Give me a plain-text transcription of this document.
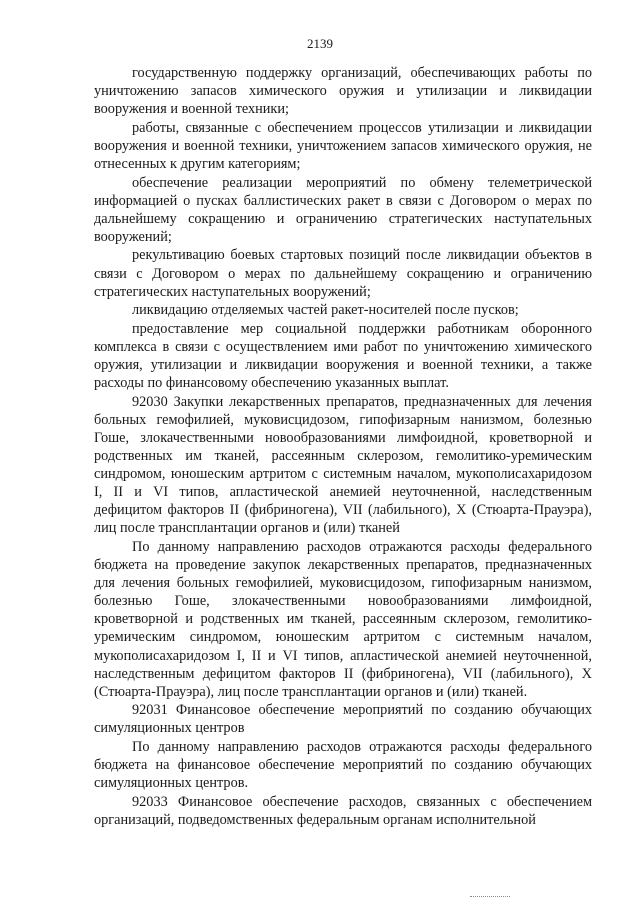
2139

государственную поддержку организаций, обеспечивающих работы по уничтожению запасов химического оружия и утилизации и ликвидации вооружения и военной техники;

работы, связанные с обеспечением процессов утилизации и ликвидации вооружения и военной техники, уничтожением запасов химического оружия, не отнесенных к другим категориям;

обеспечение реализации мероприятий по обмену телеметрической информацией о пусках баллистических ракет в связи с Договором о мерах по дальнейшему сокращению и ограничению стратегических наступательных вооружений;

рекультивацию боевых стартовых позиций после ликвидации объектов в связи с Договором о мерах по дальнейшему сокращению и ограничению стратегических наступательных вооружений;

ликвидацию отделяемых частей ракет-носителей после пусков;

предоставление мер социальной поддержки работникам оборонного комплекса в связи с осуществлением ими работ по уничтожению химического оружия, утилизации и ликвидации вооружения и военной техники, а также расходы по финансовому обеспечению указанных выплат.

92030 Закупки лекарственных препаратов, предназначенных для лечения больных гемофилией, муковисцидозом, гипофизарным нанизмом, болезнью Гоше, злокачественными новообразованиями лимфоидной, кроветворной и родственных им тканей, рассеянным склерозом, гемолитико-уремическим синдромом, юношеским артритом с системным началом, мукополисахаридозом I, II и VI типов, апластической анемией неуточненной, наследственным дефицитом факторов II (фибриногена), VII (лабильного), X (Стюарта-Прауэра), лиц после трансплантации органов и (или) тканей

По данному направлению расходов отражаются расходы федерального бюджета на проведение закупок лекарственных препаратов, предназначенных для лечения больных гемофилией, муковисцидозом, гипофизарным нанизмом, болезнью Гоше, злокачественными новообразованиями лимфоидной, кроветворной и родственных им тканей, рассеянным склерозом, гемолитико-уремическим синдромом, юношеским артритом с системным началом, мукополисахаридозом I, II и VI типов, апластической анемией неуточненной, наследственным дефицитом факторов II (фибриногена), VII (лабильного), X (Стюарта-Прауэра), лиц после трансплантации органов и (или) тканей.

92031 Финансовое обеспечение мероприятий по созданию обучающих симуляционных центров

По данному направлению расходов отражаются расходы федерального бюджета на финансовое обеспечение мероприятий по созданию обучающих симуляционных центров.

92033 Финансовое обеспечение расходов, связанных с обеспечением организаций, подведомственных федеральным органам исполнительной
